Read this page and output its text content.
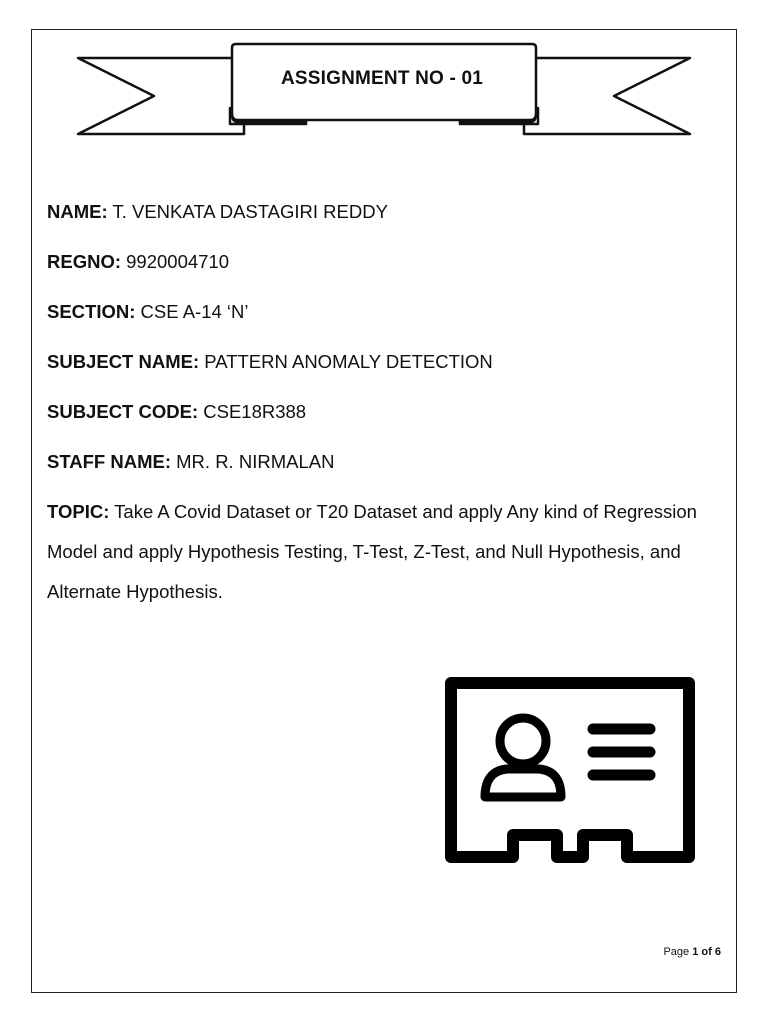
ASSIGNMENT NO - 01
NAME: T. VENKATA DASTAGIRI REDDY
REGNO: 9920004710
SECTION: CSE A-14 ‘N’
SUBJECT NAME: PATTERN ANOMALY DETECTION
SUBJECT CODE: CSE18R388
STAFF NAME: MR. R. NIRMALAN
TOPIC: Take A Covid Dataset or T20 Dataset and apply Any kind of Regression Model and apply Hypothesis Testing, T-Test, Z-Test, and Null Hypothesis, and Alternate Hypothesis.
Page 1 of 6
